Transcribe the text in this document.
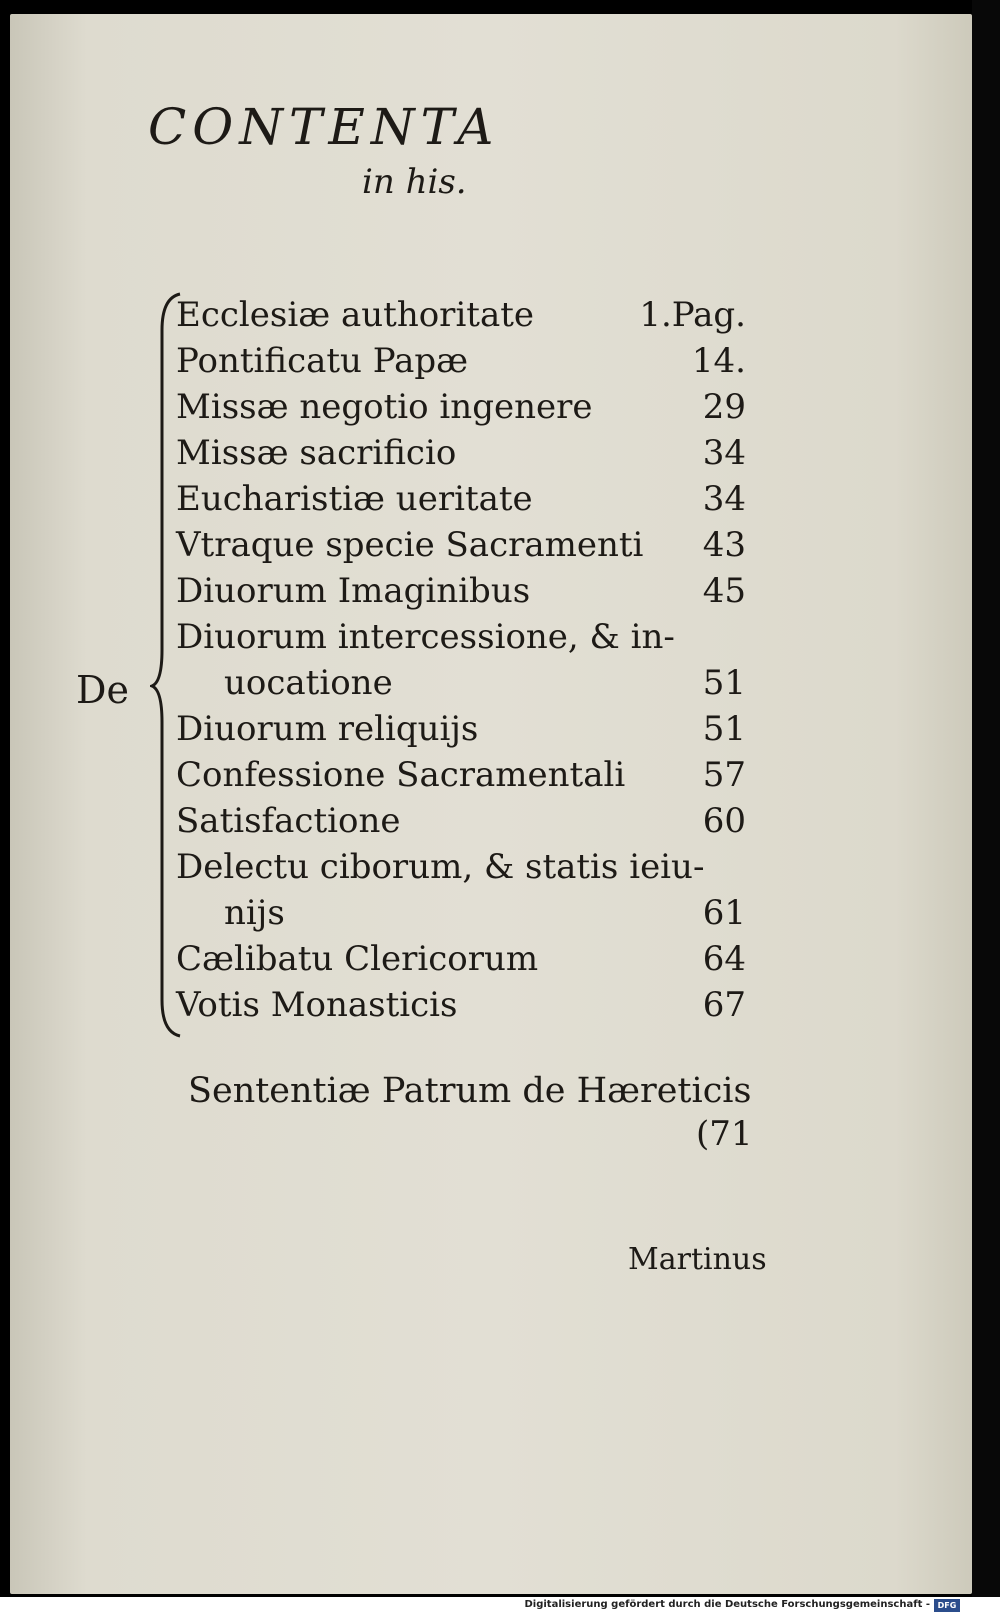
CONTENTA
in his.
De
Ecclesiæ authoritate	1.Pag.
Pontificatu Papæ	14.
Missæ negotio ingenere	29
Missæ sacrificio	34
Eucharistiæ ueritate	34
Vtraque specie Sacramenti 43
Diuorum Imaginibus	45
Diuorum intercessione, & in-
uocatione	51
Diuorum reliquijs	51
Confessione Sacramentali 57
Satisfactione	60
Delectu ciborum, & statis ieiu-
nijs	61
Cælibatu Clericorum	64
Votis Monasticis	67
Sententiæ Patrum de Hæreticis
(71
Martinus
Digitalisierung gefördert durch die Deutsche Forschungsgemeinschaft - DFG
